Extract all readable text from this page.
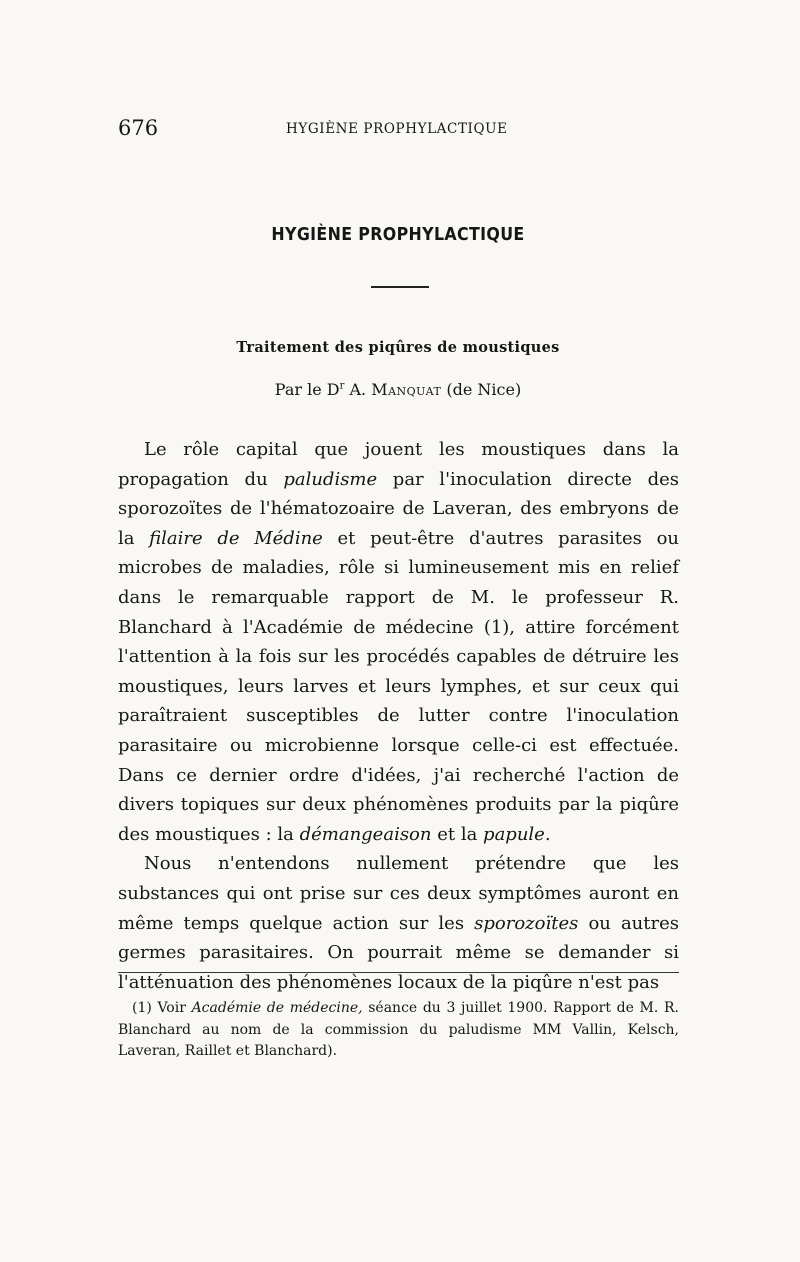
676	HYGIÈNE PROPHYLACTIQUE
HYGIÈNE PROPHYLACTIQUE
Traitement des piqûres de moustiques
Par le $D^r$ A. Manquat (de Nice)

Le rôle capital que jouent les moustiques dans la propagation du paludisme par l'inoculation directe des sporozoïtes de l'hématozoaire de Laveran, des embryons de la filaire de Médine et peut-être d'autres parasites ou microbes de maladies, rôle si lumineusement mis en relief dans le remarquable rapport de M. le professeur R. Blanchard à l'Académie de médecine (1), attire forcément l'attention à la fois sur les procédés capables de détruire les moustiques, leurs larves et leurs lymphes, et sur ceux qui paraîtraient susceptibles de lutter contre l'inoculation parasitaire ou microbienne lorsque celle-ci est effectuée. Dans ce dernier ordre d'idées, j'ai recherché l'action de divers topiques sur deux phénomènes produits par la piqûre des moustiques : la démangeaison et la papule.

Nous n'entendons nullement prétendre que les substances qui ont prise sur ces deux symptômes auront en même temps quelque action sur les sporozoïtes ou autres germes parasitaires. On pourrait même se demander si l'atténuation des phénomènes locaux de la piqûre n'est pas

(1) Voir Académie de médecine, séance du 3 juillet 1900. Rapport de M. R. Blanchard au nom de la commission du paludisme MM Vallin, Kelsch, Laveran, Raillet et Blanchard).
